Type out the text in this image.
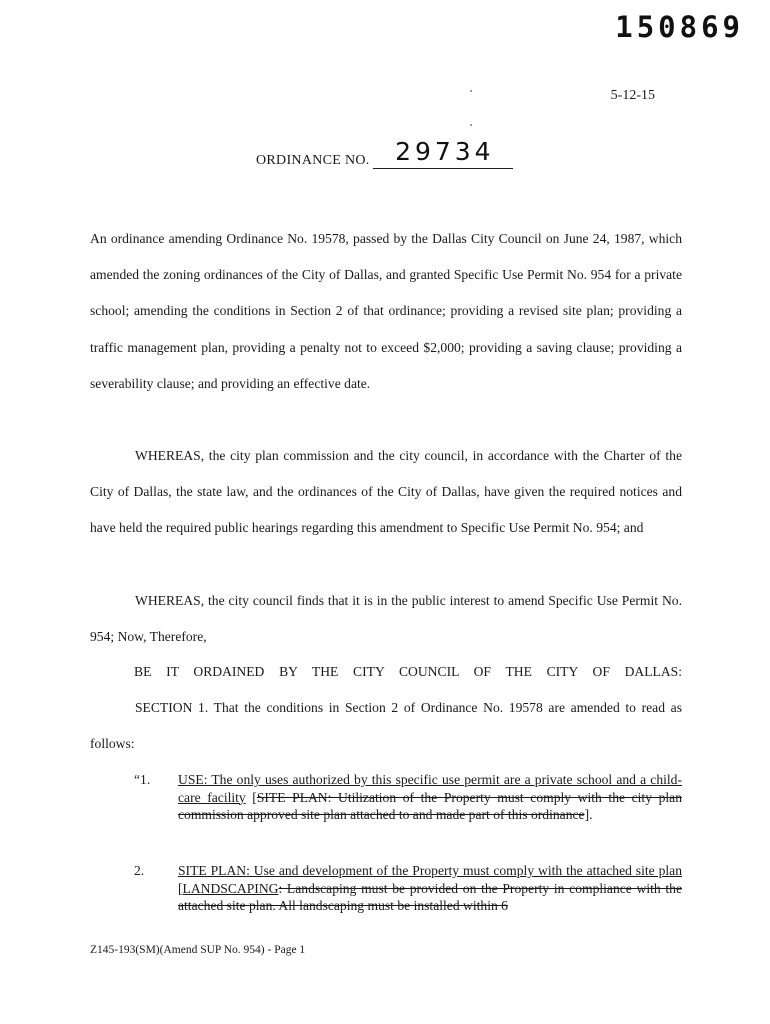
150869
5-12-15
ORDINANCE NO. 29734
An ordinance amending Ordinance No. 19578, passed by the Dallas City Council on June 24, 1987, which amended the zoning ordinances of the City of Dallas, and granted Specific Use Permit No. 954 for a private school; amending the conditions in Section 2 of that ordinance; providing a revised site plan; providing a traffic management plan, providing a penalty not to exceed $2,000; providing a saving clause; providing a severability clause; and providing an effective date.
WHEREAS, the city plan commission and the city council, in accordance with the Charter of the City of Dallas, the state law, and the ordinances of the City of Dallas, have given the required notices and have held the required public hearings regarding this amendment to Specific Use Permit No. 954; and
WHEREAS, the city council finds that it is in the public interest to amend Specific Use Permit No. 954; Now, Therefore,
BE IT ORDAINED BY THE CITY COUNCIL OF THE CITY OF DALLAS:
SECTION 1. That the conditions in Section 2 of Ordinance No. 19578 are amended to read as follows:
“1. USE: The only uses authorized by this specific use permit are a private school and a child-care facility [SITE PLAN: Utilization of the Property must comply with the city plan commission approved site plan attached to and made part of this ordinance].
2. SITE PLAN: Use and development of the Property must comply with the attached site plan [LANDSCAPING: Landscaping must be provided on the Property in compliance with the attached site plan. All landscaping must be installed within 6
Z145-193(SM)(Amend SUP No. 954) - Page 1
